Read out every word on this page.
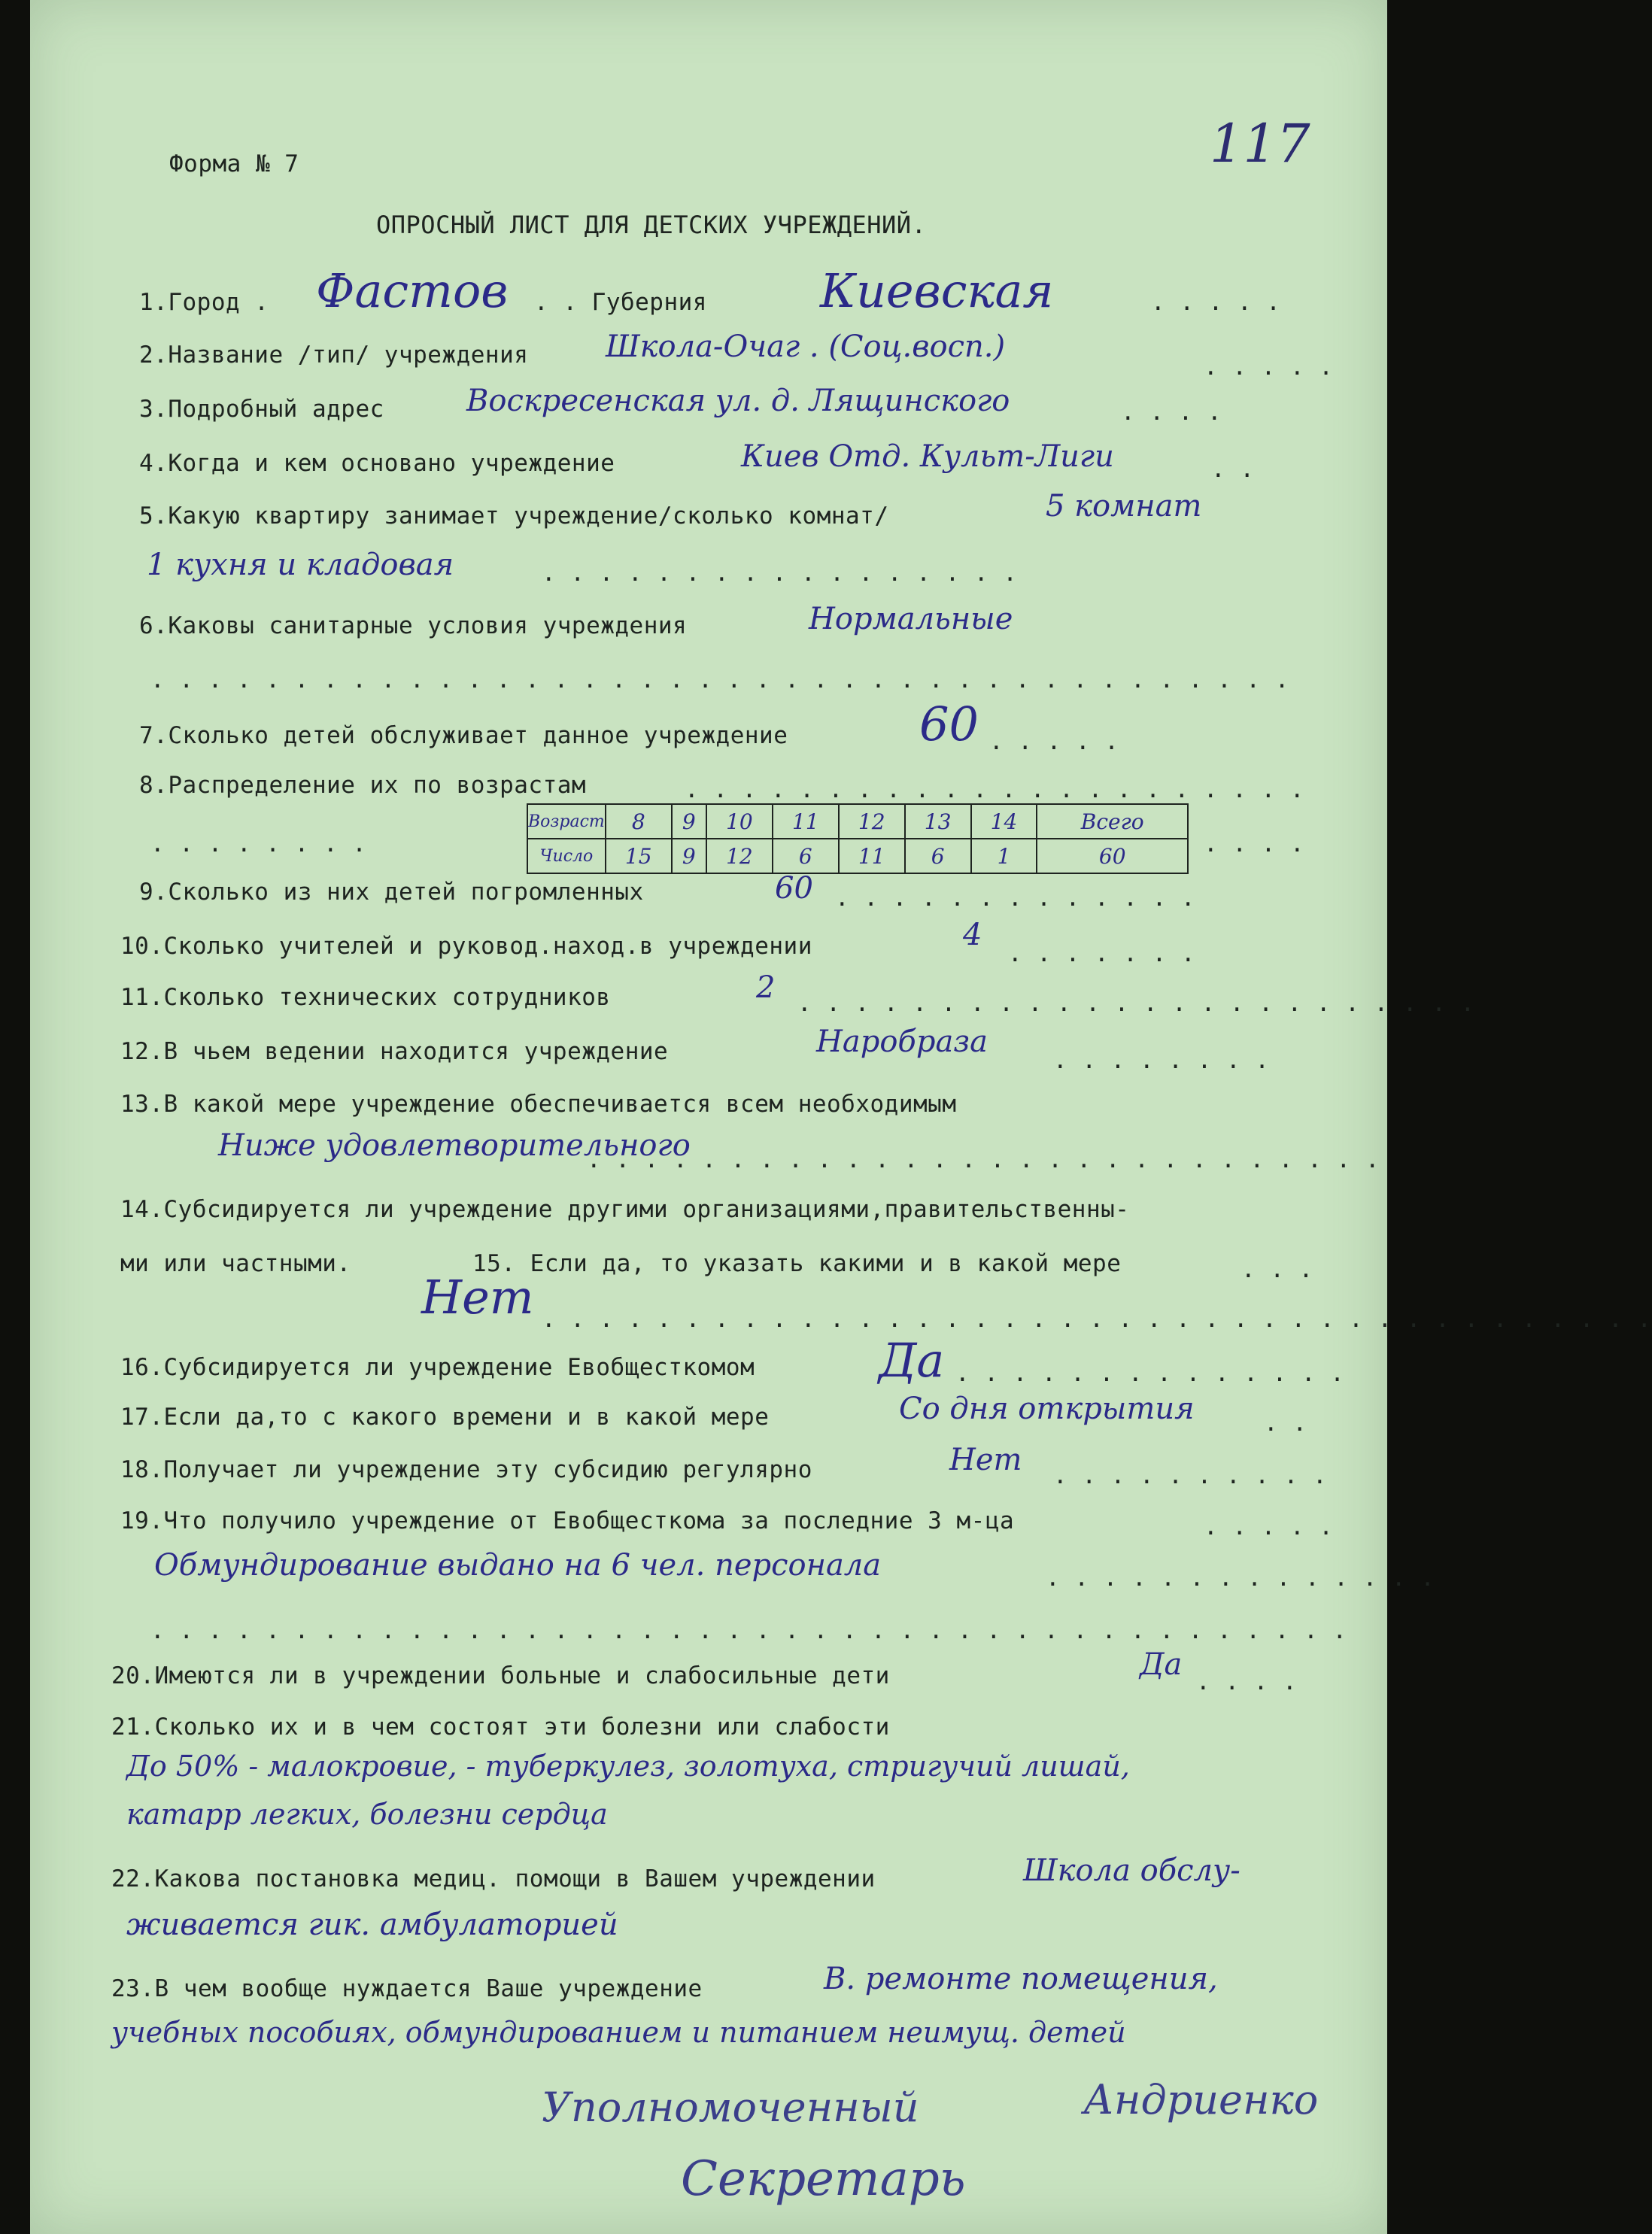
117
Форма № 7
ОПРОСНЫЙ ЛИСТ ДЛЯ ДЕТСКИХ УЧРЕЖДЕНИЙ.
1.Город . Фастов . . Губерния Киевская	. . . . .
2.Название /тип/ учреждения	Школа-Очаг . (Соц.восп.)
. . . . .
3.Подробный адрес	Воскресенская ул. д. Лящинского	. . . .
4.Когда и кем основано учреждение	Киев Отд. Культ-Лиги	. .
5.Какую квартиру занимает учреждение/сколько комнат/	5 комнат
1 кухня и кладовая	. . . . . . . . . . . . . . . . .
6.Каковы санитарные условия учреждения	Нормальные
. . . . . . . . . . . . . . . . . . . . . . . . . . . . . . . . . . . . . . . .
7.Сколько детей обслуживает данное учреждение	60 . . . . .
8.Распределение их по возрастам	. . . . . . . . . . . . . . . . . . . . . .
. . . . . . . .	. . . .
Возраст	8	9	10	11	12	13	14	Всего
Число	15	9	12	6	11	6	1	60
9.Сколько из них детей погромленных	60 . . . . . . . . . . . . .
10.Сколько учителей и руковод.наход.в учреждении	4
. . . . . . .
11.Сколько технических сотрудников	2 . . . . . . . . . . . . . . . . . . . . . . . .
12.В чьем ведении находится учреждение	Наробраза
. . . . . . . .
13.В какой мере учреждение обеспечивается всем необходимым
Ниже удовлетворительного
. . . . . . . . . . . . . . . . . . . . . . . . . . . .
14.Субсидируется ли учреждение другими организациями,правительственны-
ми или частными.	15. Если да, то указать какими и в какой мере	. . .
Нет . . . . . . . . . . . . . . . . . . . . . . . . . . . . . . . . . . . . . . .
16.Субсидируется ли учреждение Евобщесткомом	Да . . . . . . . . . . . . . .
17.Если да,то с какого времени и в какой мере	Со дня открытия	. .
18.Получает ли учреждение эту субсидию регулярно	Нет . . . . . . . . . .
19.Что получило учреждение от Евобщесткома за последние 3 м-ца	. . . . .
Обмундирование выдано на 6 чел. персонала	. . . . . . . . . . . . . .
. . . . . . . . . . . . . . . . . . . . . . . . . . . . . . . . . . . . . . . . . .
20.Имеются ли в учреждении больные и слабосильные дети	Да . . . .
21.Сколько их и в чем состоят эти болезни или слабости
До 50% - малокровие, - туберкулез, золотуха, стригучий лишай,
катарр легких, болезни сердца
22.Какова постановка медиц. помощи в Вашем учреждении	Школа обслу-
живается гик. амбулаторией
23.В чем вообще нуждается Ваше учреждение	В. ремонте помещения,
учебных пособиях, обмундированием и питанием неимущ. детей
Уполномоченный	Андриенко
Секретарь
